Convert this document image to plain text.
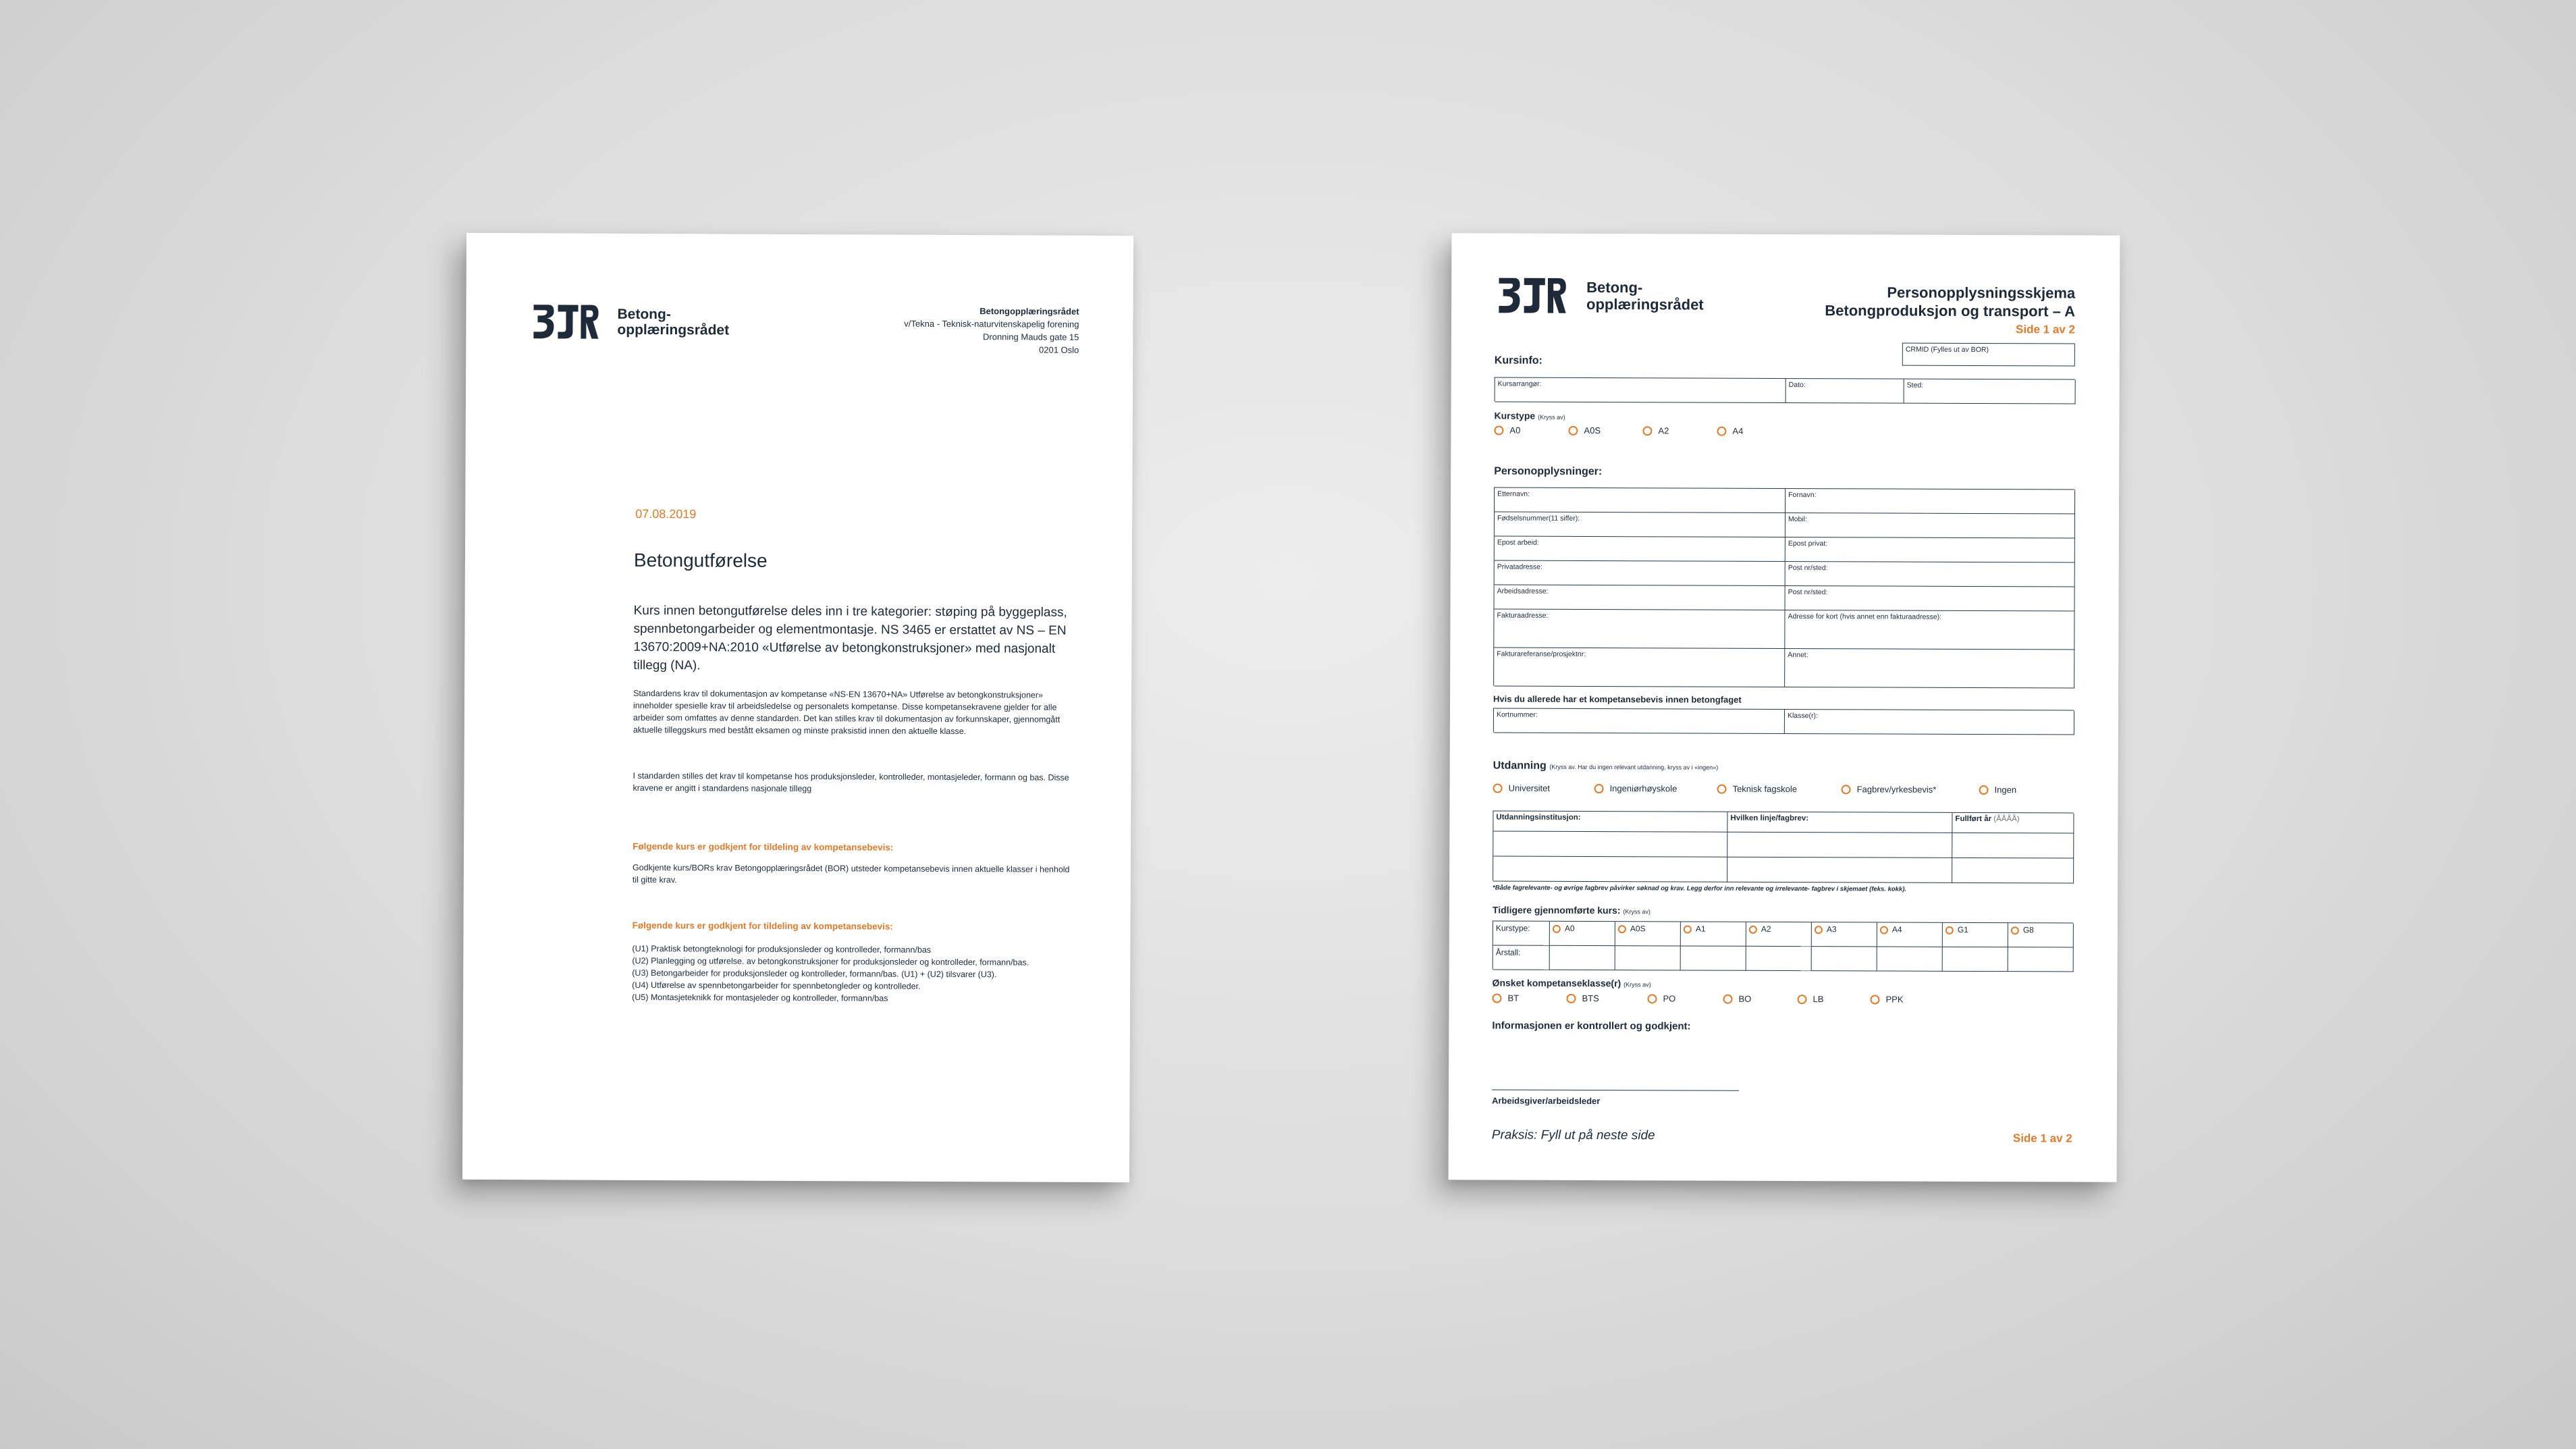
Betong-
opplæringsrådet
Betongopplæringsrådet
v/Tekna - Teknisk-naturvitenskapelig forening
Dronning Mauds gate 15
0201 Oslo
07.08.2019
Betongutførelse
Kurs innen betongutførelse deles inn i tre kategorier: støping på byggeplass, spennbetongarbeider og elementmontasje. NS 3465 er erstattet av NS – EN 13670:2009+NA:2010 «Utførelse av betongkonstruksjoner» med nasjonalt tillegg (NA).
Standardens krav til dokumentasjon av kompetanse «NS-EN 13670+NA» Utførelse av betongkonstruksjoner» inneholder spesielle krav til arbeidsledelse og personalets kompetanse. Disse kompetansekravene gjelder for alle arbeider som omfattes av denne standarden. Det kan stilles krav til dokumentasjon av forkunnskaper, gjennomgått aktuelle tilleggskurs med bestått eksamen og minste praksistid innen den aktuelle klasse.
I standarden stilles det krav til kompetanse hos produksjonsleder, kontrolleder, montasjeleder, formann og bas. Disse kravene er angitt i standardens nasjonale tillegg
Følgende kurs er godkjent for tildeling av kompetansebevis:
Godkjente kurs/BORs krav Betongopplæringsrådet (BOR) utsteder kompetansebevis innen aktuelle klasser i henhold til gitte krav.
Følgende kurs er godkjent for tildeling av kompetansebevis:
(U1) Praktisk betongteknologi for produksjonsleder og kontrolleder, formann/bas
(U2) Planlegging og utførelse. av betongkonstruksjoner for produksjonsleder og kontrolleder, formann/bas.
(U3) Betongarbeider for produksjonsleder og kontrolleder, formann/bas. (U1) + (U2) tilsvarer (U3).
(U4) Utførelse av spennbetongarbeider for spennbetongleder og kontrolleder.
(U5) Montasjeteknikk for montasjeleder og kontrolleder, formann/bas
Betong-
opplæringsrådet
Personopplysningsskjema
Betongproduksjon og transport – A
Side 1 av 2
CRMID (Fylles ut av BOR)
Kursinfo:
Kursarrangør:	Dato:	Sted:
Kurstype (Kryss av)
A0	A0S	A2	A4
Personopplysninger:
Etternavn:	Fornavn:
Fødselsnummer(11 siffer):	Mobil:
Epost arbeid:	Epost privat:
Privatadresse:	Post nr/sted:
Arbeidsadresse:	Post nr/sted:
Fakturaadresse:	Adresse for kort (hvis annet enn fakturaadresse):
Fakturareferanse/prosjektnr:	Annet:
Hvis du allerede har et kompetansebevis innen betongfaget
Kortnummer:	Klasse(r):
Utdanning (Kryss av. Har du ingen relevant utdanning, kryss av i «ingen»)
Universitet	Ingeniørhøyskole	Teknisk fagskole	Fagbrev/yrkesbevis*	Ingen
Utdanningsinstitusjon:	Hvilken linje/fagbrev:	Fullført år (ÅÅÅÅ)
*Både fagrelevante- og øvrige fagbrev påvirker søknad og krav. Legg derfor inn relevante og irrelevante- fagbrev i skjemaet (feks. kokk).
Tidligere gjennomførte kurs: (Kryss av)
Kurstype:	A0	A0S	A1	A2	A3	A4	G1	G8
Årstall:
Ønsket kompetanseklasse(r) (Kryss av)
BT	BTS	PO	BO	LB	PPK
Informasjonen er kontrollert og godkjent:
Arbeidsgiver/arbeidsleder
Praksis: Fyll ut på neste side	Side 1 av 2
